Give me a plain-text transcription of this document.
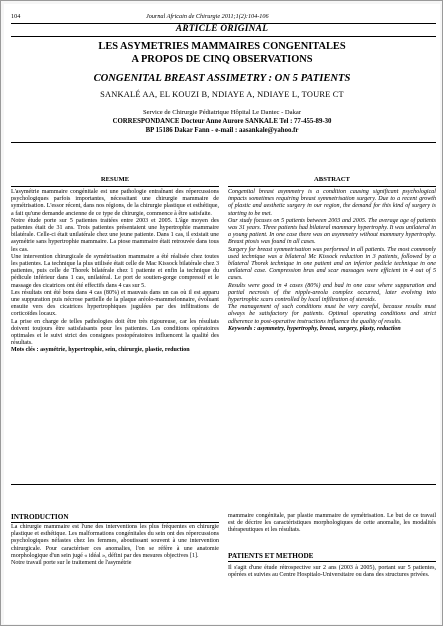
104	Journal Africain de Chirurgie 2011;1(2):104-106
ARTICLE ORIGINAL
LES ASYMETRIES MAMMAIRES CONGENITALES
A PROPOS DE CINQ OBSERVATIONS
CONGENITAL BREAST ASSIMETRY : ON 5 PATIENTS
SANKALÉ AA, EL KOUZI B, NDIAYE A, NDIAYE L, TOURE CT
Service de Chirurgie Pédiatrique Hôpital Le Dantec - Dakar
CORRESPONDANCE Docteur Anne Aurore SANKALE Tel : 77-455-89-30
BP 15186 Dakar Fann - e-mail : aasankale@yahoo.fr
RESUME

L'asymétrie mammaire congénitale est une pathologie entraînant des répercussions psychologiques parfois importantes, nécessitant une chirurgie mammaire de symétrisation. L'essor récent, dans nos régions, de la chirurgie plastique et esthétique, a fait qu'une demande ancienne de ce type de chirurgie, commence à être satisfaite.

Notre étude porte sur 5 patientes traitées entre 2003 et 2005. L'âge moyen des patientes était de 31 ans. Trois patientes présentaient une hypertrophie mammaire bilatérale. Celle-ci était unilatérale chez une jeune patiente. Dans 1 cas, il existait une asymétrie sans hypertrophie mammaire. La ptose mammaire était retrouvée dans tous les cas.

Une intervention chirurgicale de symétrisation mammaire a été réalisée chez toutes les patientes. La technique la plus utilisée était celle de Mac Kissock bilatérale chez 3 patientes, puis celle de Thorek bilatérale chez 1 patiente et enfin la technique du pédicule inférieur dans 1 cas, unilatéral. Le port de soutien-gorge compressif et le massage des cicatrices ont été effectifs dans 4 cas sur 5.

Les résultats ont été bons dans 4 cas (80%) et mauvais dans un cas où il est apparu une suppuration puis nécrose partielle de la plaque aréolo-mammelonnaire, évoluant ensuite vers des cicatrices hypertrophiques jugulées par des infiltrations de corticoïdes locaux.

La prise en charge de telles pathologies doit être très rigoureuse, car les résultats doivent toujours être satisfaisants pour les patientes. Les conditions opératoires optimales et le suivi strict des consignes postopératoires influencent la qualité des résultats.

Mots clés : asymétrie, hypertrophie, sein, chirurgie, plastie, reduction

ABSTRACT

Congenital breast asymmetry is a condition causing significant psychological impacts sometimes requiring breast symmetrisation surgery. Due to a recent growth of plastic and aesthetic surgery in our region, the demand for this kind of surgery is starting to be met.

Our study focuses on 5 patients between 2003 and 2005. The average age of patients was 31 years. Three patients had bilateral mammary hypertrophy. It was unilateral in a young patient. In one case there was an asymmetry without mammary hypertrophy. Breast ptosis was found in all cases.

Surgery for breast symmetrisation was performed in all patients. The most commonly used technique was a bilateral Mc Kissock reduction in 3 patients, followed by a bilateral Thorek technique in one patient and an inferior pedicle technique in one unilateral case. Compression bras and scar massages were efficient in 4 out of 5 cases.

Results were good in 4 cases (80%) and bad in one case where suppuration and partial necrosis of the nipple-areola complex occurred, later evolving into hypertrophic scars controlled by local infiltration of steroids.

The management of such conditions must be very careful, because results must always be satisfactory for patients. Optimal operating conditions and strict adherence to post-operative instructions influence the quality of results.

Keywords : asymmetry, hypertrophy, breast, surgery, plasty, reduction

INTRODUCTION

La chirurgie mammaire est l'une des interventions les plus fréquentes en chirurgie plastique et esthétique. Les malformations congénitales du sein ont des répercussions psychologiques néfastes chez les femmes, aboutissant souvent à une intervention chirurgicale. Pour caractériser ces anomalies, l'on se réfère à une anatomie morphologique d'un sein jugé « idéal », défini par des mesures objectives [1].

Notre travail porte sur le traitement de l'asymétrie

mammaire congénitale, par plastie mammaire de symétrisation. Le but de ce travail est de décrire les caractéristiques morphologiques de cette anomalie, les modalités thérapeutiques et les résultats.
PATIENTS ET METHODE
Il s'agit d'une étude rétrospective sur 2 ans (2003 à 2005), portant sur 5 patientes, opérées et suivies au Centre Hospitalo-Universitaire ou dans des structures privées.
